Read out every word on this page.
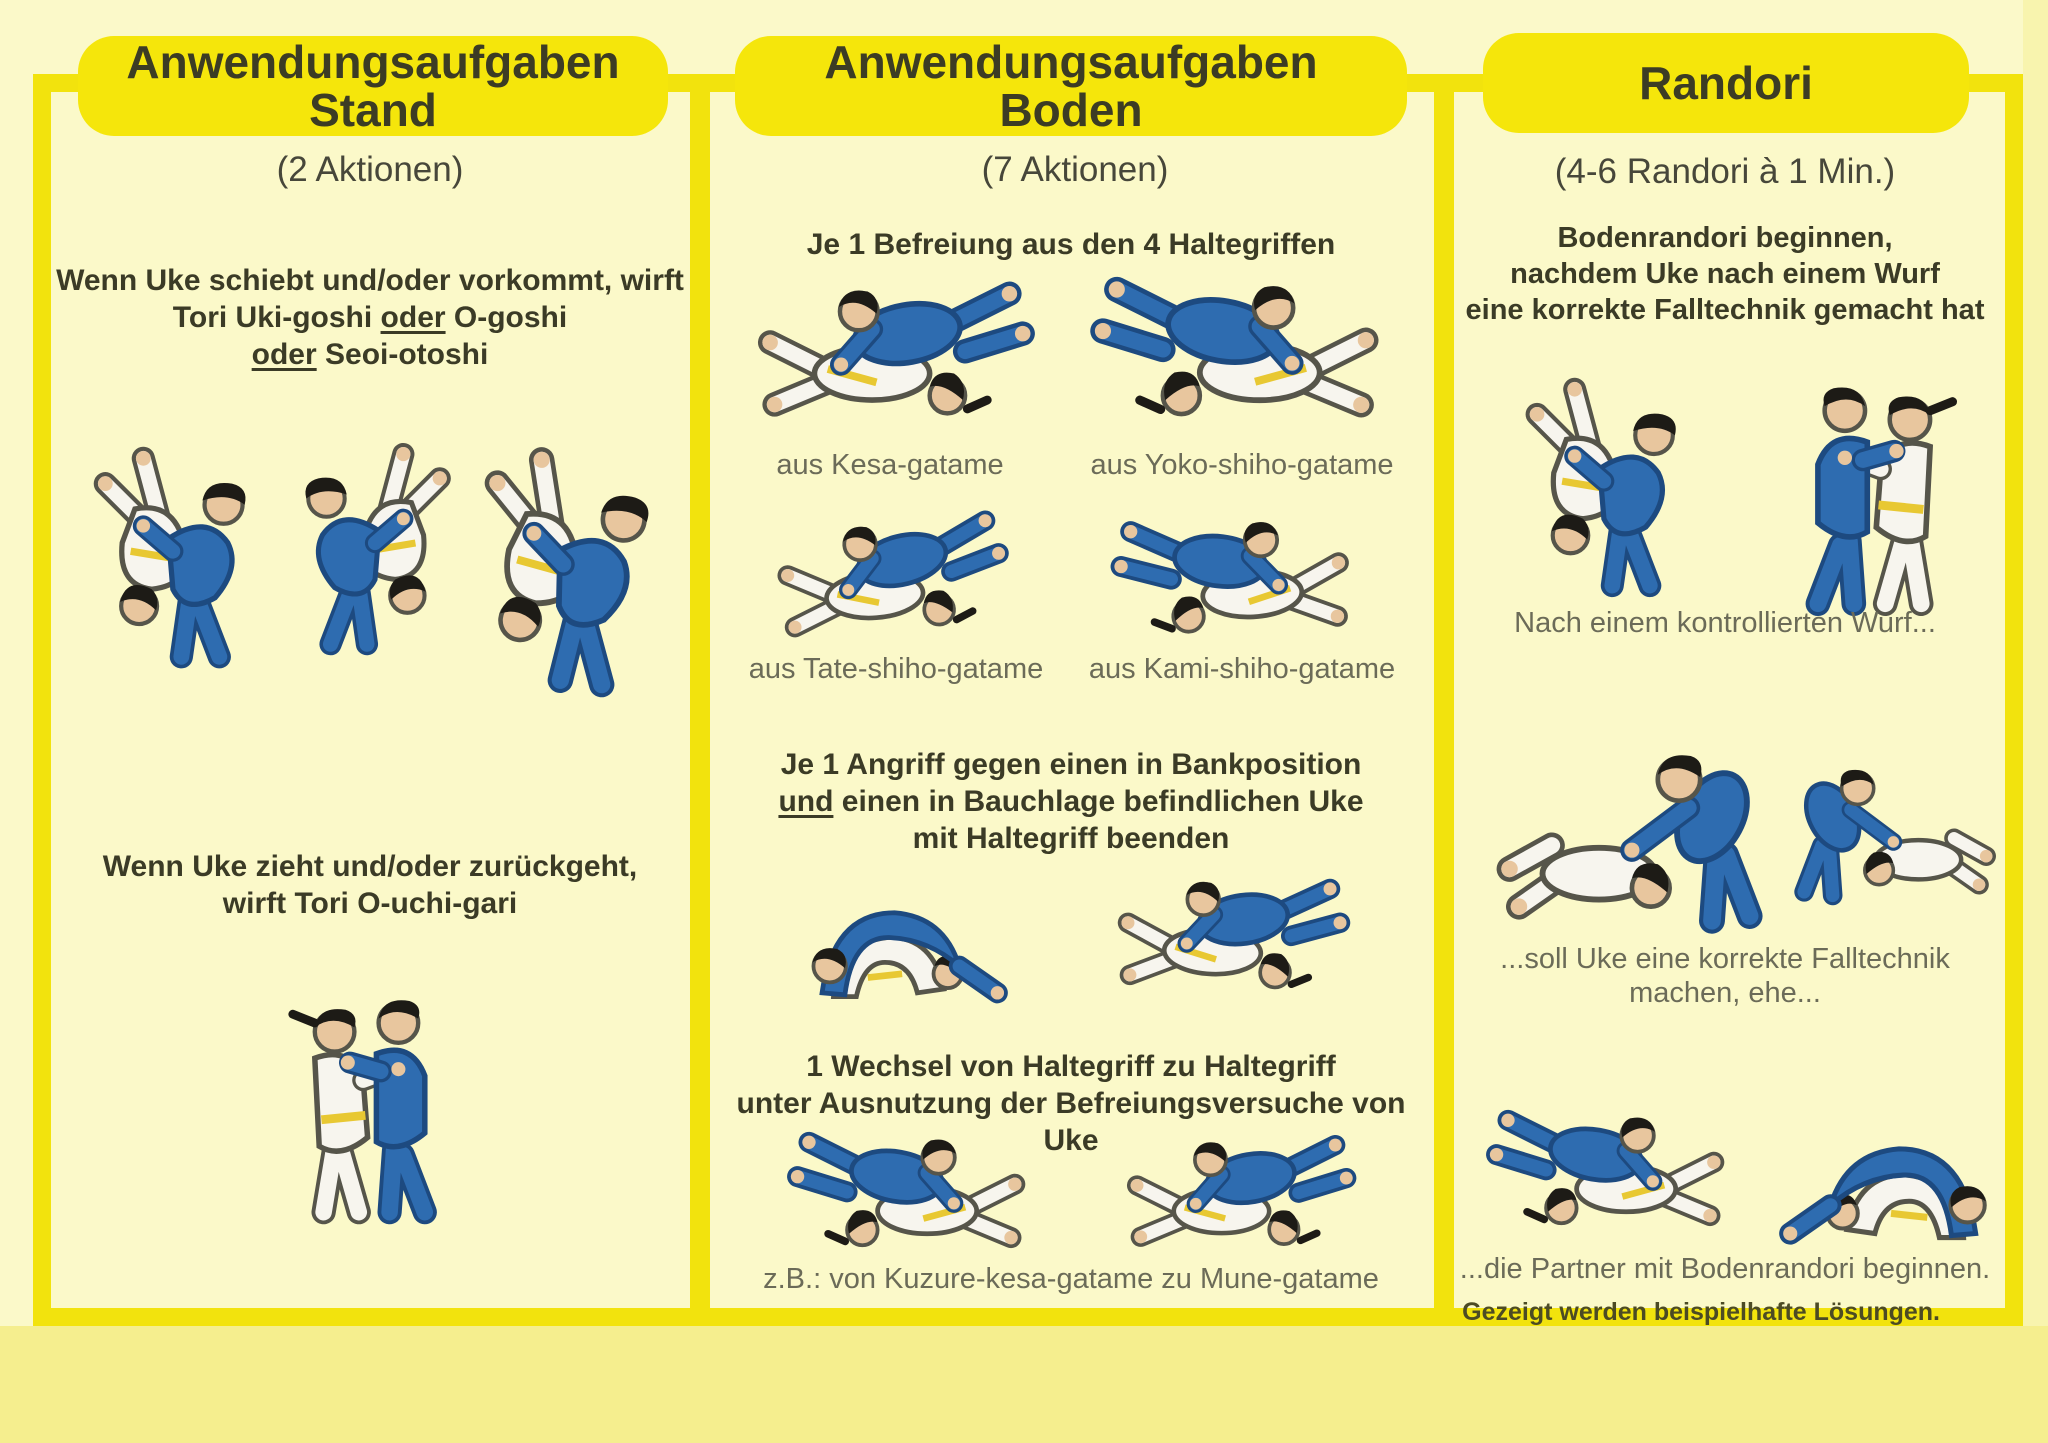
Anwendungsaufgaben
Stand
Anwendungsaufgaben
Boden
Randori
(2 Aktionen)
Wenn Uke schiebt und/oder vorkommt, wirft
Tori Uki-goshi oder O-goshi
oder Seoi-otoshi
Wenn Uke zieht und/oder zurückgeht,
wirft Tori O-uchi-gari
(7 Aktionen)
Je 1 Befreiung aus den 4 Haltegriffen
aus Kesa-gatame	aus Yoko-shiho-gatame
aus Tate-shiho-gatame	aus Kami-shiho-gatame
Je 1 Angriff gegen einen in Bankposition
und einen in Bauchlage befindlichen Uke
mit Haltegriff beenden
1 Wechsel von Haltegriff zu Haltegriff
unter Ausnutzung der Befreiungsversuche von Uke
z.B.: von Kuzure-kesa-gatame zu Mune-gatame
(4-6 Randori à 1 Min.)
Bodenrandori beginnen,
nachdem Uke nach einem Wurf
eine korrekte Falltechnik gemacht hat
Nach einem kontrollierten Wurf...
...soll Uke eine korrekte Falltechnik
machen, ehe...
...die Partner mit Bodenrandori beginnen.
Gezeigt werden beispielhafte Lösungen.
